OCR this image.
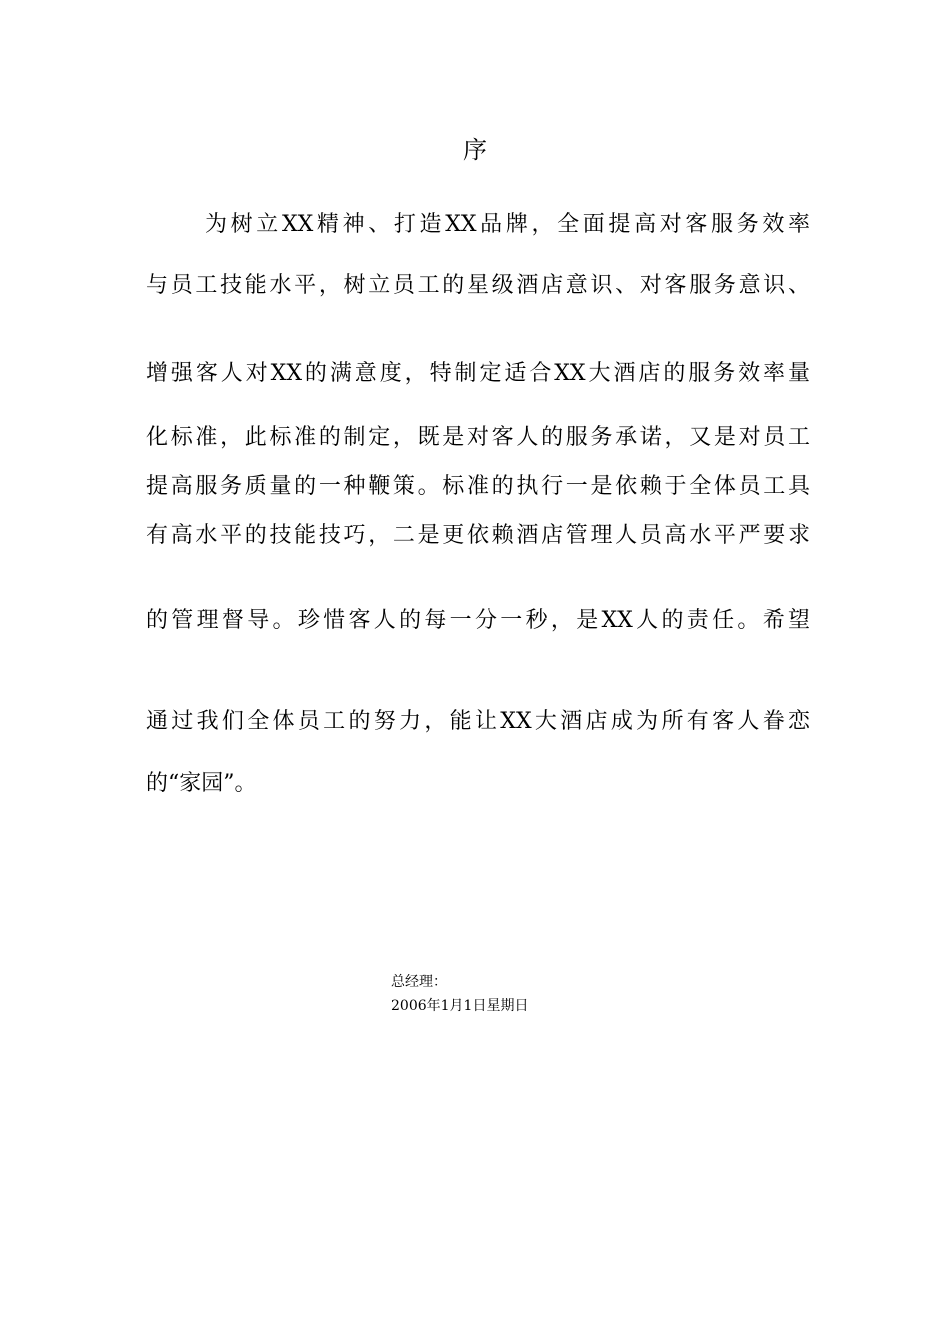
序
为树立XX精神、打造XX品牌，全面提高对客服务效率
与员工技能水平，树立员工的星级酒店意识、对客服务意识、
增强客人对XX的满意度，特制定适合XX大酒店的服务效率量
化标准，此标准的制定，既是对客人的服务承诺，又是对员工
提高服务质量的一种鞭策。标准的执行一是依赖于全体员工具
有高水平的技能技巧，二是更依赖酒店管理人员高水平严要求
的管理督导。珍惜客人的每一分一秒，是XX人的责任。希望
通过我们全体员工的努力，能让XX大酒店成为所有客人眷恋
的“家园”。
总经理：
2006年1月1日星期日
